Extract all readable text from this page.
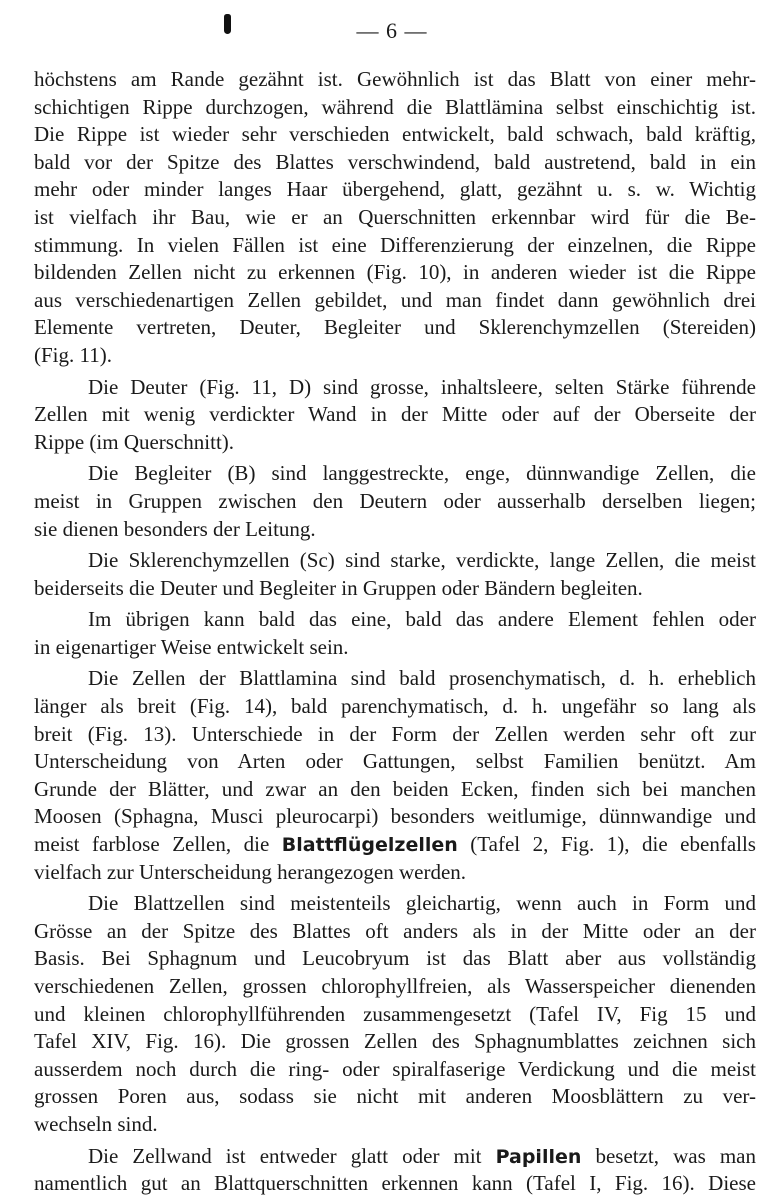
— 6 —
höchstens am Rande gezähnt ist. Gewöhnlich ist das Blatt von einer mehr-
schichtigen Rippe durchzogen, während die Blattlämina selbst einschichtig ist.
Die Rippe ist wieder sehr verschieden entwickelt, bald schwach, bald kräftig,
bald vor der Spitze des Blattes verschwindend, bald austretend, bald in ein
mehr oder minder langes Haar übergehend, glatt, gezähnt u. s. w. Wichtig
ist vielfach ihr Bau, wie er an Querschnitten erkennbar wird für die Be-
stimmung. In vielen Fällen ist eine Differenzierung der einzelnen, die Rippe
bildenden Zellen nicht zu erkennen (Fig. 10), in anderen wieder ist die Rippe
aus verschiedenartigen Zellen gebildet, und man findet dann gewöhnlich drei
Elemente vertreten, Deuter, Begleiter und Sklerenchymzellen (Stereiden)
(Fig. 11).
Die Deuter (Fig. 11, D) sind grosse, inhaltsleere, selten Stärke führende
Zellen mit wenig verdickter Wand in der Mitte oder auf der Oberseite der
Rippe (im Querschnitt).
Die Begleiter (B) sind langgestreckte, enge, dünnwandige Zellen, die
meist in Gruppen zwischen den Deutern oder ausserhalb derselben liegen;
sie dienen besonders der Leitung.
Die Sklerenchymzellen (Sc) sind starke, verdickte, lange Zellen, die meist
beiderseits die Deuter und Begleiter in Gruppen oder Bändern begleiten.
Im übrigen kann bald das eine, bald das andere Element fehlen oder
in eigenartiger Weise entwickelt sein.
Die Zellen der Blattlamina sind bald prosenchymatisch, d. h. erheblich
länger als breit (Fig. 14), bald parenchymatisch, d. h. ungefähr so lang als
breit (Fig. 13). Unterschiede in der Form der Zellen werden sehr oft zur
Unterscheidung von Arten oder Gattungen, selbst Familien benützt. Am
Grunde der Blätter, und zwar an den beiden Ecken, finden sich bei manchen
Moosen (Sphagna, Musci pleurocarpi) besonders weitlumige, dünnwandige und
meist farblose Zellen, die Blattflügelzellen (Tafel 2, Fig. 1), die ebenfalls
vielfach zur Unterscheidung herangezogen werden.
Die Blattzellen sind meistenteils gleichartig, wenn auch in Form und
Grösse an der Spitze des Blattes oft anders als in der Mitte oder an der
Basis. Bei Sphagnum und Leucobryum ist das Blatt aber aus vollständig
verschiedenen Zellen, grossen chlorophyllfreien, als Wasserspeicher dienenden
und kleinen chlorophyllführenden zusammengesetzt (Tafel IV, Fig 15 und
Tafel XIV, Fig. 16). Die grossen Zellen des Sphagnumblattes zeichnen sich
ausserdem noch durch die ring- oder spiralfaserige Verdickung und die meist
grossen Poren aus, sodass sie nicht mit anderen Moosblättern zu ver-
wechseln sind.
Die Zellwand ist entweder glatt oder mit Papillen besetzt, was man
namentlich gut an Blattquerschnitten erkennen kann (Tafel I, Fig. 16). Diese
